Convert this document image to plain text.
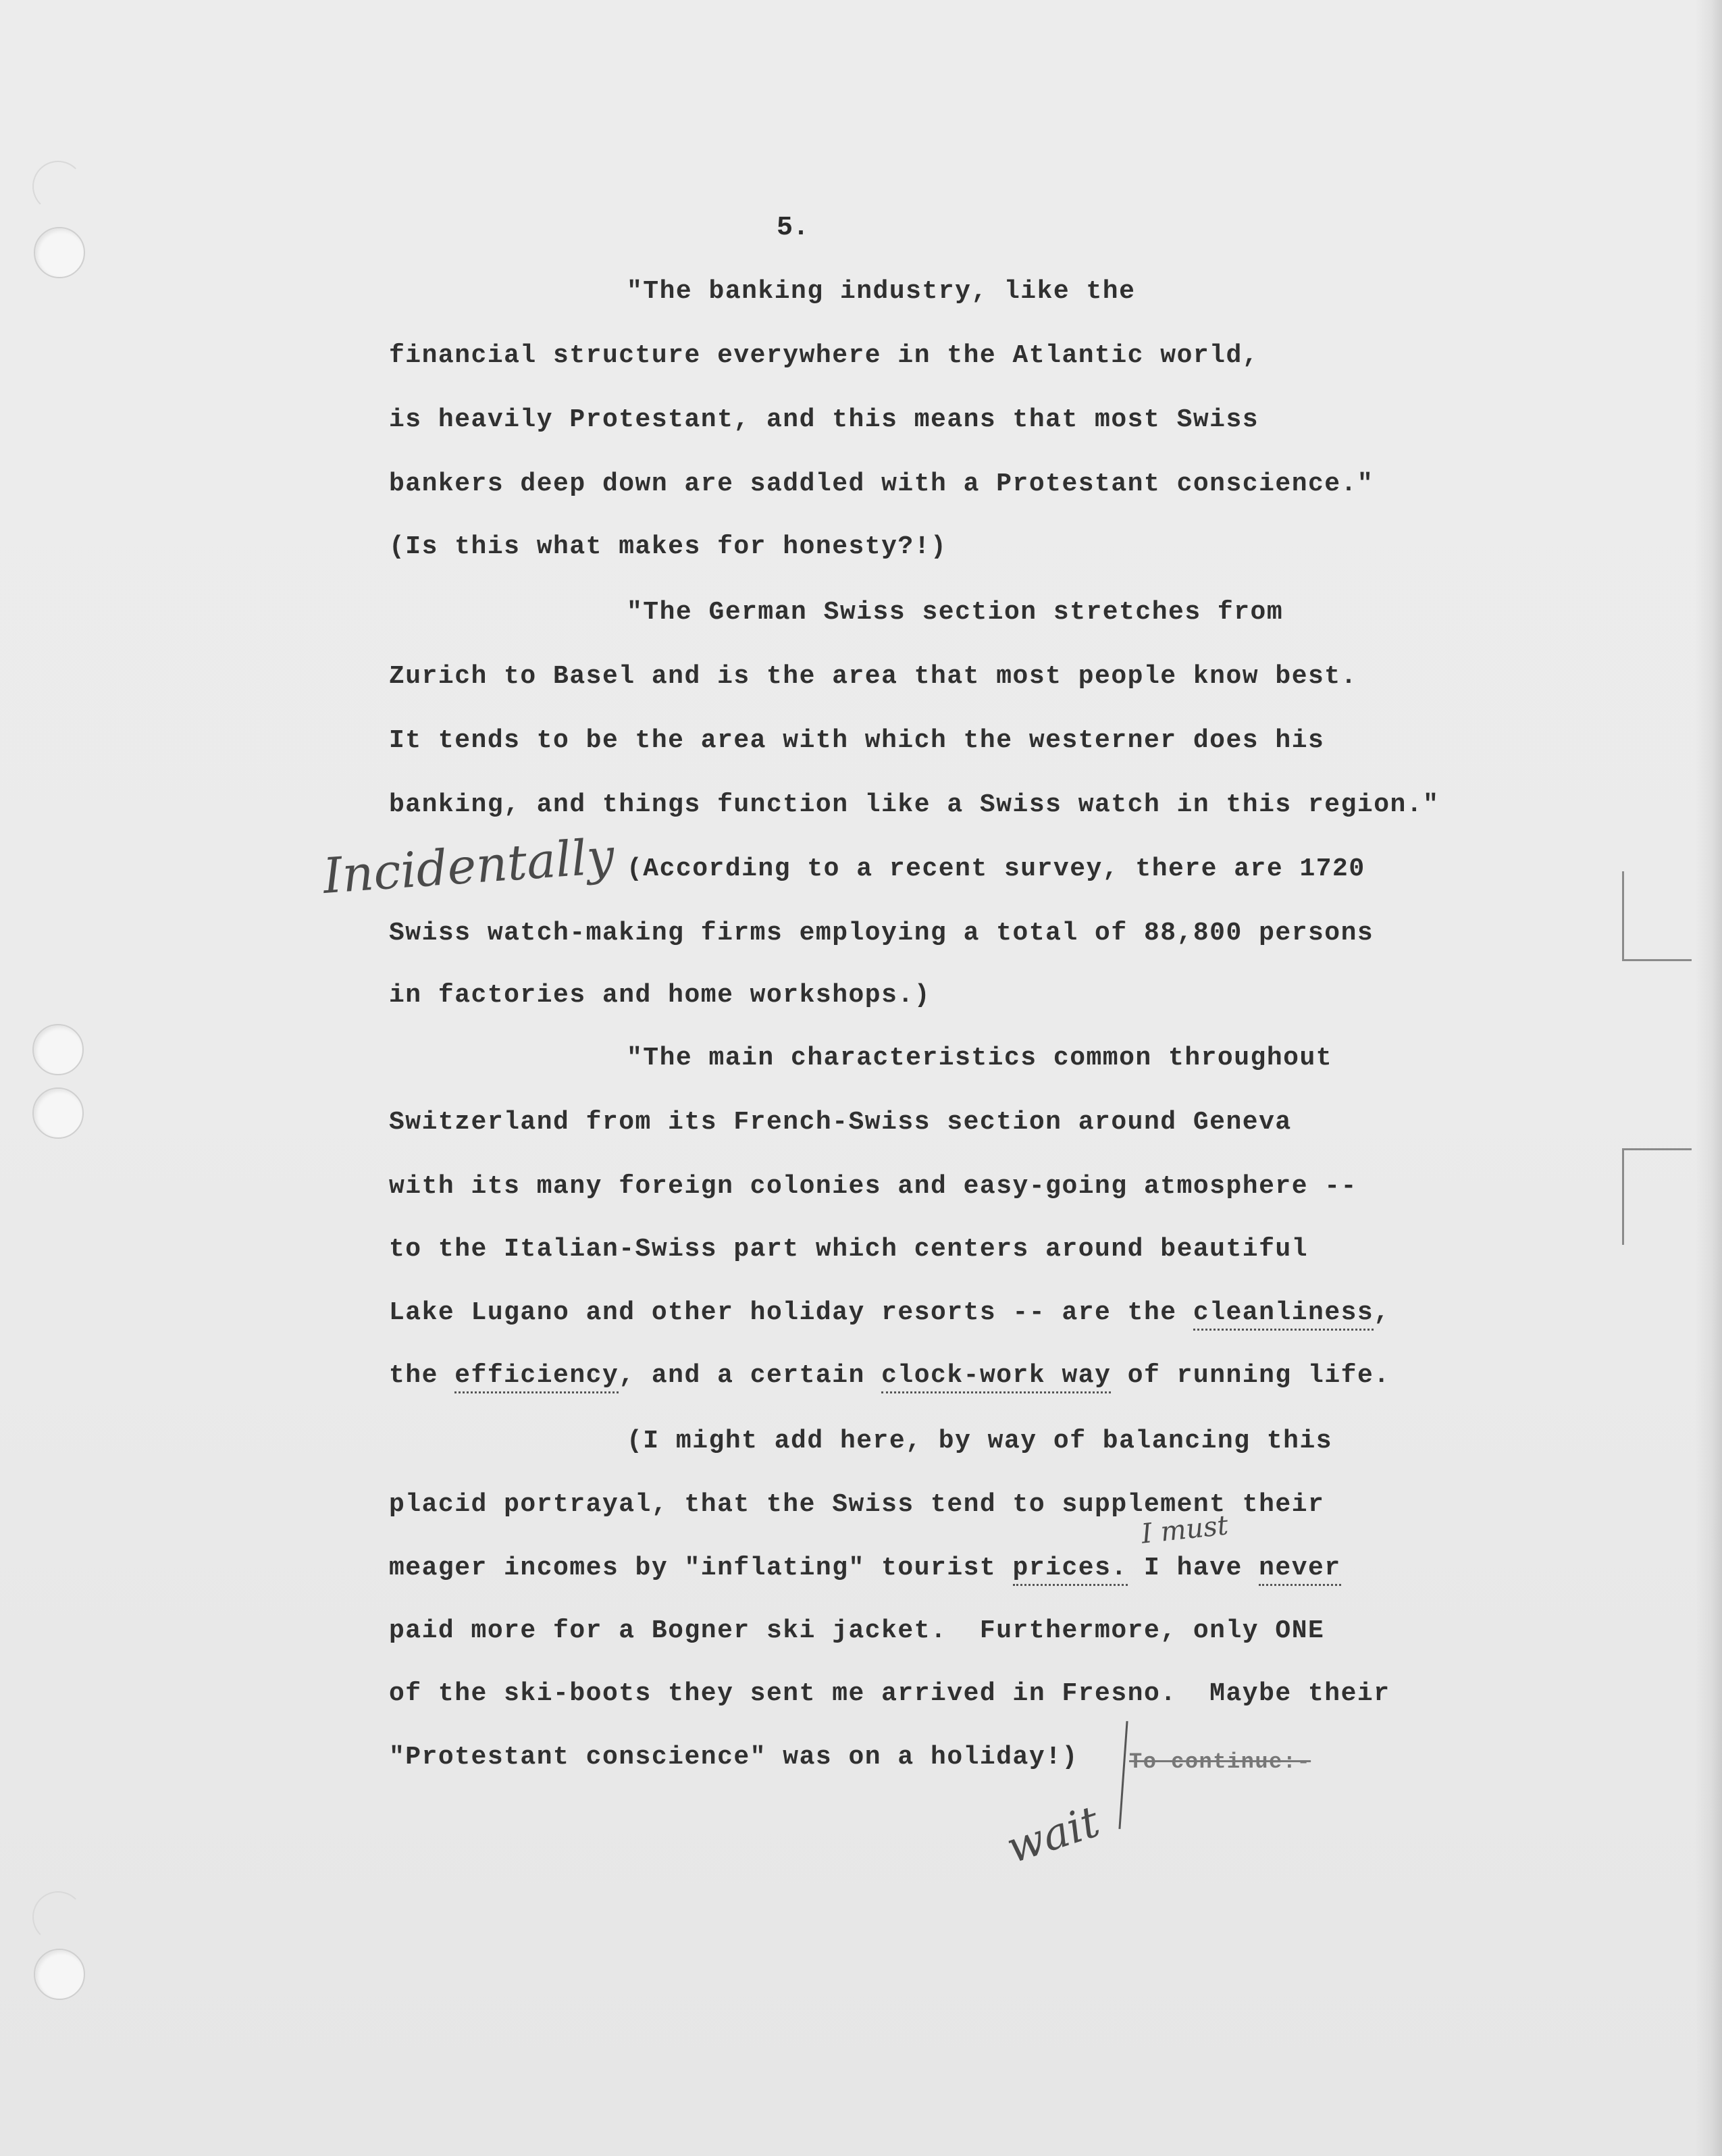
5.
"The banking industry, like the
financial structure everywhere in the Atlantic world,
is heavily Protestant, and this means that most Swiss
bankers deep down are saddled with a Protestant conscience."
(Is this what makes for honesty?!)
"The German Swiss section stretches from
Zurich to Basel and is the area that most people know best.
It tends to be the area with which the westerner does his
banking, and things function like a Swiss watch in this region."
Incidentally (According to a recent survey, there are 1720
Swiss watch-making firms employing a total of 88,800 persons
in factories and home workshops.)
"The main characteristics common throughout
Switzerland from its French-Swiss section around Geneva
with its many foreign colonies and easy-going atmosphere --
to the Italian-Swiss part which centers around beautiful
Lake Lugano and other holiday resorts -- are the cleanliness,
the efficiency, and a certain clock-work way of running life.
(I might add here, by way of balancing this
placid portrayal, that the Swiss tend to supplement their
I must
meager incomes by "inflating" tourist prices. I have never
paid more for a Bogner ski jacket.  Furthermore, only ONE
of the ski-boots they sent me arrived in Fresno.  Maybe their
"Protestant conscience" was on a holiday!) To continue:-
wait
